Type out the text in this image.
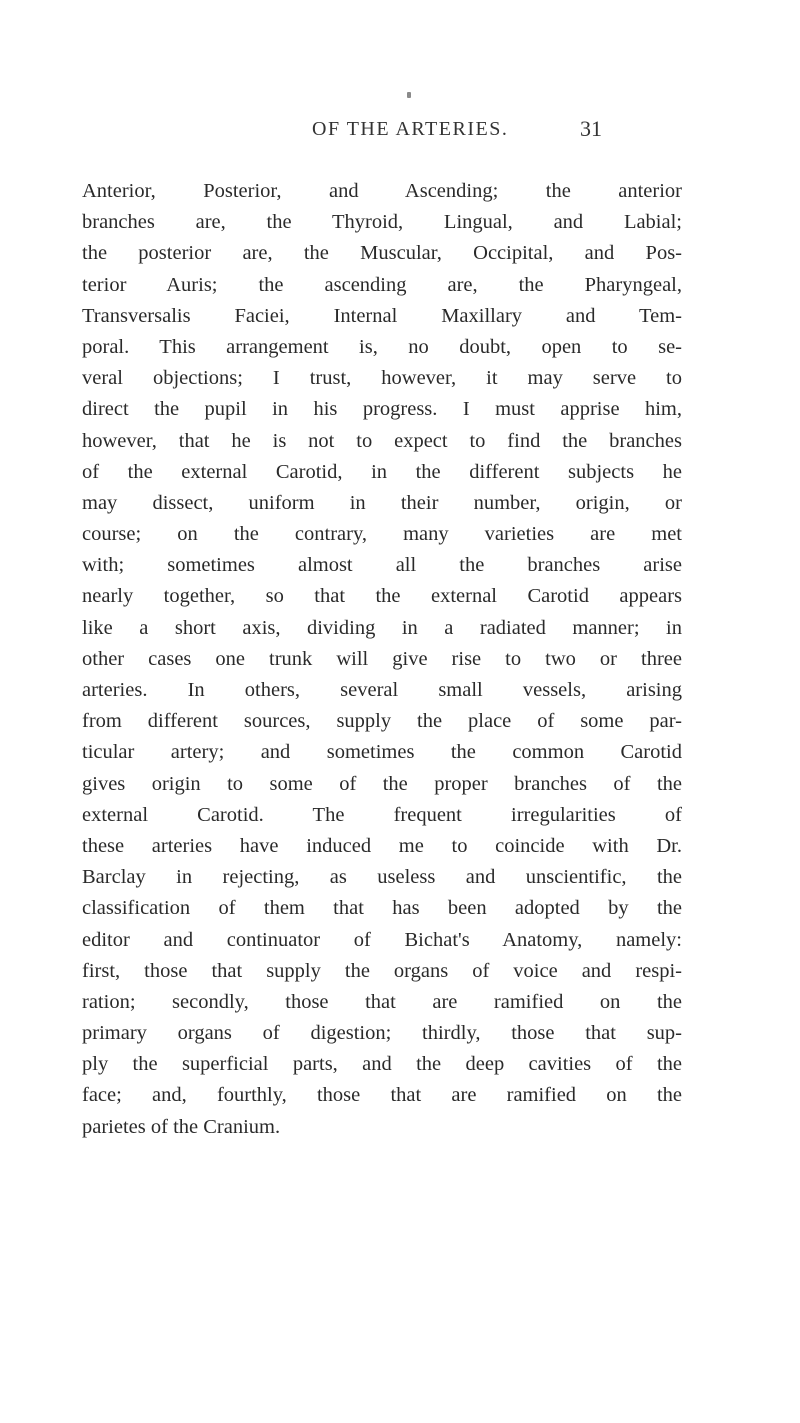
OF THE ARTERIES.	31
Anterior, Posterior, and Ascending; the anterior
branches are, the Thyroid, Lingual, and Labial;
the posterior are, the Muscular, Occipital, and Pos-
terior Auris; the ascending are, the Pharyngeal,
Transversalis Faciei, Internal Maxillary and Tem-
poral. This arrangement is, no doubt, open to se-
veral objections; I trust, however, it may serve to
direct the pupil in his progress. I must apprise him,
however, that he is not to expect to find the branches
of the external Carotid, in the different subjects he
may dissect, uniform in their number, origin, or
course; on the contrary, many varieties are met
with; sometimes almost all the branches arise
nearly together, so that the external Carotid appears
like a short axis, dividing in a radiated manner; in
other cases one trunk will give rise to two or three
arteries. In others, several small vessels, arising
from different sources, supply the place of some par-
ticular artery; and sometimes the common Carotid
gives origin to some of the proper branches of the
external Carotid. The frequent irregularities of
these arteries have induced me to coincide with Dr.
Barclay in rejecting, as useless and unscientific, the
classification of them that has been adopted by the
editor and continuator of Bichat's Anatomy, namely:
first, those that supply the organs of voice and respi-
ration; secondly, those that are ramified on the
primary organs of digestion; thirdly, those that sup-
ply the superficial parts, and the deep cavities of the
face; and, fourthly, those that are ramified on the
parietes of the Cranium.
